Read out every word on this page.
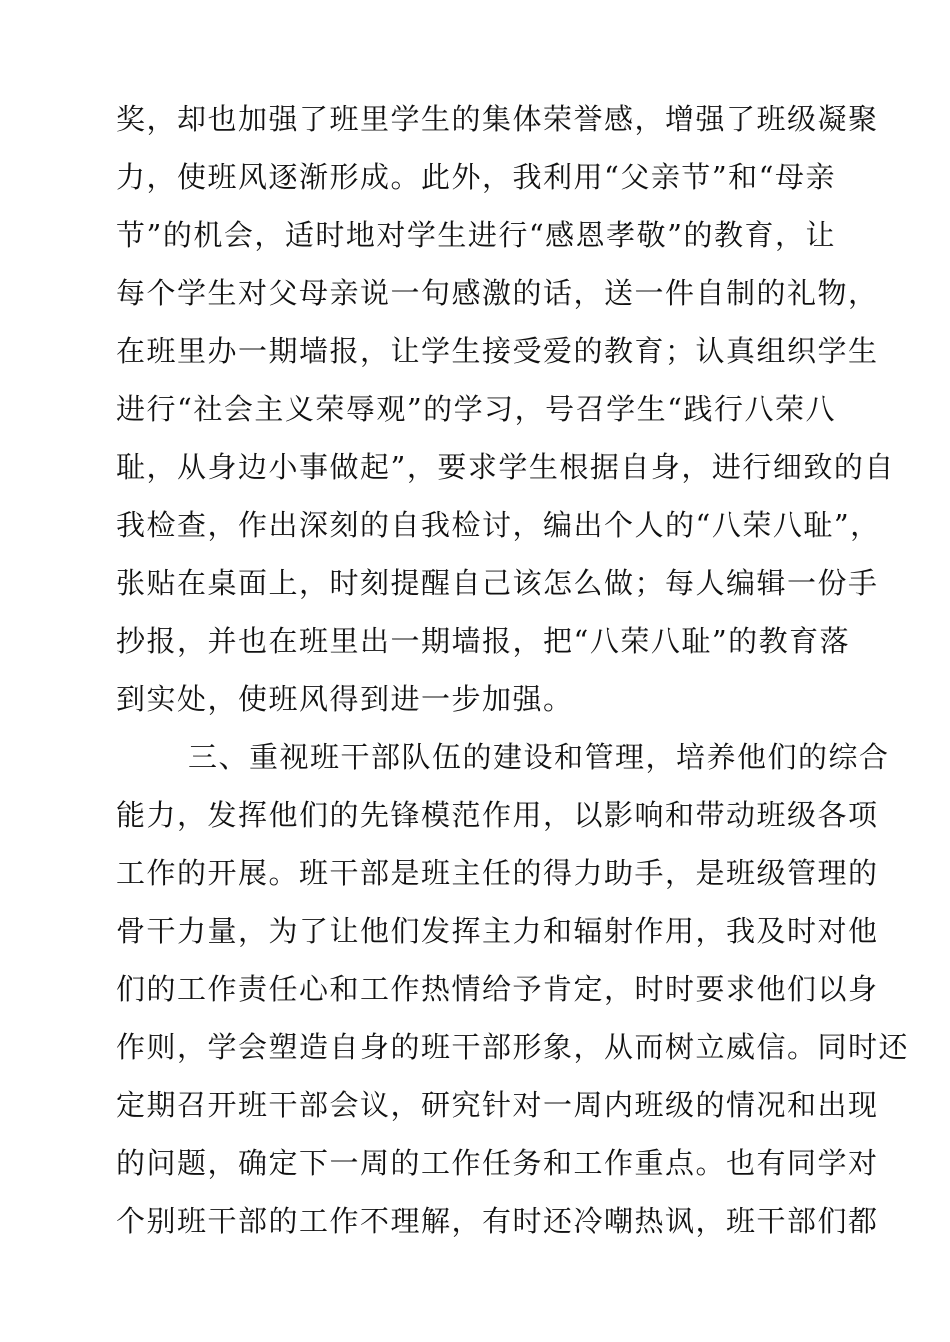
奖，却也加强了班里学生的集体荣誉感，增强了班级凝聚
力，使班风逐渐形成。此外，我利用“父亲节”和“母亲
节”的机会，适时地对学生进行“感恩孝敬”的教育，让
每个学生对父母亲说一句感激的话，送一件自制的礼物，
在班里办一期墙报，让学生接受爱的教育；认真组织学生
进行“社会主义荣辱观”的学习，号召学生“践行八荣八
耻，从身边小事做起”，要求学生根据自身，进行细致的自
我检查，作出深刻的自我检讨，编出个人的“八荣八耻”，
张贴在桌面上，时刻提醒自己该怎么做；每人编辑一份手
抄报，并也在班里出一期墙报，把“八荣八耻”的教育落
到实处，使班风得到进一步加强。
三、重视班干部队伍的建设和管理，培养他们的综合
能力，发挥他们的先锋模范作用，以影响和带动班级各项
工作的开展。班干部是班主任的得力助手，是班级管理的
骨干力量，为了让他们发挥主力和辐射作用，我及时对他
们的工作责任心和工作热情给予肯定，时时要求他们以身
作则，学会塑造自身的班干部形象，从而树立威信。同时还
定期召开班干部会议，研究针对一周内班级的情况和出现
的问题，确定下一周的工作任务和工作重点。也有同学对
个别班干部的工作不理解，有时还冷嘲热讽，班干部们都
